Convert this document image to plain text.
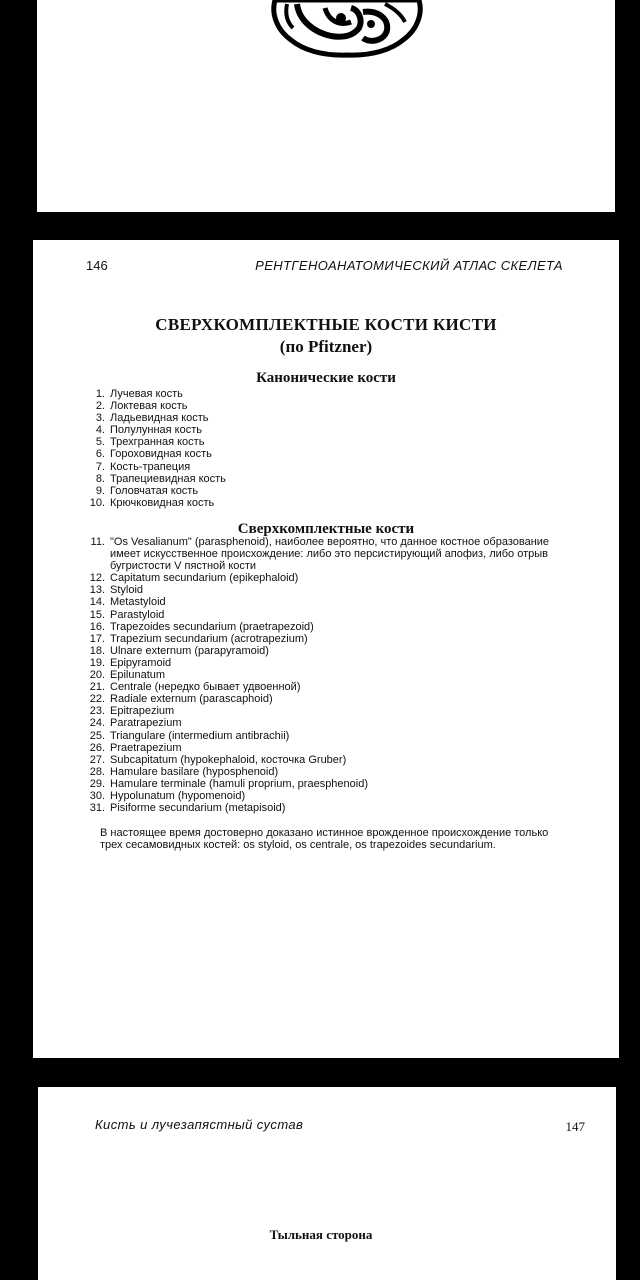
146	РЕНТГЕНОАНАТОМИЧЕСКИЙ АТЛАС СКЕЛЕТА
СВЕРХКОМПЛЕКТНЫЕ КОСТИ КИСТИ
(по Pfitzner)
Канонические кости
1. Лучевая кость
2. Локтевая кость
3. Ладьевидная кость
4. Полулунная кость
5. Трехгранная кость
6. Гороховидная кость
7. Кость-трапеция
8. Трапециевидная кость
9. Головчатая кость
10. Крючковидная кость
Сверхкомплектные кости
11. "Os Vesalianum" (parasphenoid), наиболее вероятно, что данное костное образование имеет искусственное происхождение: либо это персистирующий апофиз, либо отрыв бугристости V пястной кости
12. Capitatum secundarium (epikephaloid)
13. Styloid
14. Metastyloid
15. Parastyloid
16. Trapezoides secundarium (praetrapezoid)
17. Trapezium secundarium (acrotrapezium)
18. Ulnare externum (parapyramoid)
19. Epipyramoid
20. Epilunatum
21. Centrale (нередко бывает удвоенной)
22. Radiale externum (parascaphoid)
23. Epitrapezium
24. Paratrapezium
25. Triangulare (intermedium antibrachii)
26. Praetrapezium
27. Subcapitatum (hypokephaloid, косточка Gruber)
28. Hamulare basilare (hyposphenoid)
29. Hamulare terminale (hamuli proprium, praesphenoid)
30. Hypolunatum (hypomenoid)
31. Pisiforme secundarium (metapisoid)
В настоящее время достоверно доказано истинное врожденное происхождение только трех сесамовидных костей: os styloid, os centrale, os trapezoides secundarium.
Кисть и лучезапястный сустав	147
Тыльная сторона
